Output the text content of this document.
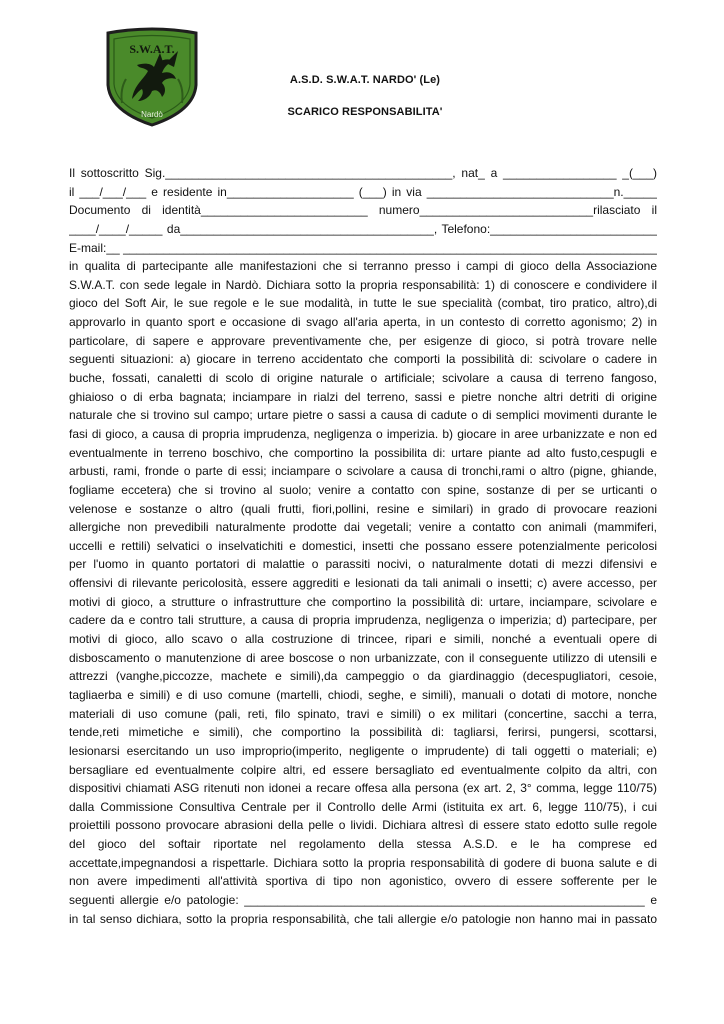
S.W.A.T.
Nardò
A.S.D. S.W.A.T. NARDO' (Le)
SCARICO RESPONSABILITA'
Il sottoscritto Sig.___________________________________________, nat_ a _________________ _(___)
il ___/___/___ e residente in___________________ (___) in via ____________________________n._____
Documento di identità_________________________ numero__________________________rilasciato il
____/____/_____ da______________________________________, Telefono:_________________________
E-mail:__ ________________________________________________________________________________
in qualita di partecipante alle manifestazioni che si terranno presso i campi di gioco della Associazione
S.W.A.T. con sede legale in Nardò. Dichiara sotto la propria responsabilità: 1) di conoscere e condividere il
gioco del Soft Air, le sue regole e le sue modalità, in tutte le sue specialità (combat, tiro pratico, altro),di
approvarlo in quanto sport e occasione di svago all'aria aperta, in un contesto di corretto agonismo; 2) in
particolare, di sapere e approvare preventivamente che, per esigenze di gioco, si potrà trovare nelle
seguenti situazioni: a) giocare in terreno accidentato che comporti la possibilità di: scivolare o cadere in
buche, fossati, canaletti di scolo di origine naturale o artificiale; scivolare a causa di terreno fangoso,
ghiaioso o di erba bagnata; inciampare in rialzi del terreno, sassi e pietre nonche altri detriti di origine
naturale che si trovino sul campo; urtare pietre o sassi a causa di cadute o di semplici movimenti durante le
fasi di gioco, a causa di propria imprudenza, negligenza o imperizia. b) giocare in aree urbanizzate e non ed
eventualmente in terreno boschivo, che comportino la possibilita di: urtare piante ad alto fusto,cespugli e
arbusti, rami, fronde o parte di essi; inciampare o scivolare a causa di tronchi,rami o altro (pigne, ghiande,
fogliame eccetera) che si trovino al suolo; venire a contatto con spine, sostanze di per se urticanti o
velenose e sostanze o altro (quali frutti, fiori,pollini, resine e similari) in grado di provocare reazioni
allergiche non prevedibili naturalmente prodotte dai vegetali; venire a contatto con animali (mammiferi,
uccelli e rettili) selvatici o inselvatichiti e domestici, insetti che possano essere potenzialmente pericolosi
per l'uomo in quanto portatori di malattie o parassiti nocivi, o naturalmente dotati di mezzi difensivi e
offensivi di rilevante pericolosità, essere aggrediti e lesionati da tali animali o insetti; c) avere accesso, per
motivi di gioco, a strutture o infrastrutture che comportino la possibilità di: urtare, inciampare, scivolare e
cadere da e contro tali strutture, a causa di propria imprudenza, negligenza o imperizia; d) partecipare, per
motivi di gioco, allo scavo o alla costruzione di trincee, ripari e simili, nonché a eventuali opere di
disboscamento o manutenzione di aree boscose o non urbanizzate, con il conseguente utilizzo di utensili e
attrezzi (vanghe,piccozze, machete e simili),da campeggio o da giardinaggio (decespugliatori, cesoie,
tagliaerba e simili) e di uso comune (martelli, chiodi, seghe, e simili), manuali o dotati di motore, nonche
materiali di uso comune (pali, reti, filo spinato, travi e simili) o ex militari (concertine, sacchi a terra,
tende,reti mimetiche e simili), che comportino la possibilità di: tagliarsi, ferirsi, pungersi, scottarsi,
lesionarsi esercitando un uso improprio(imperito, negligente o imprudente) di tali oggetti o materiali; e)
bersagliare ed eventualmente colpire altri, ed essere bersagliato ed eventualmente colpito da altri, con
dispositivi chiamati ASG ritenuti non idonei a recare offesa alla persona (ex art. 2, 3° comma, legge 110/75)
dalla Commissione Consultiva Centrale per il Controllo delle Armi (istituita ex art. 6, legge 110/75), i cui
proiettili possono provocare abrasioni della pelle o lividi. Dichiara altresì di essere stato edotto sulle regole
del gioco del softair riportate nel regolamento della stessa A.S.D. e le ha comprese ed
accettate,impegnandosi a rispettarle. Dichiara sotto la propria responsabilità di godere di buona salute e di
non avere impedimenti all'attività sportiva di tipo non agonistico, ovvero di essere sofferente per le
seguenti allergie e/o patologie: ____________________________________________________________ e
in tal senso dichiara, sotto la propria responsabilità, che tali allergie e/o patologie non hanno mai in passato
